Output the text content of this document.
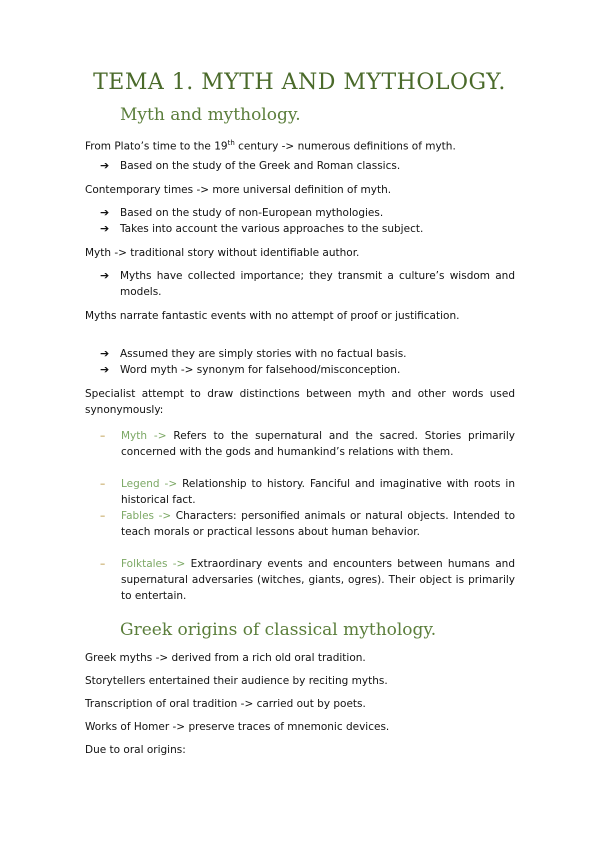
TEMA 1. MYTH AND MYTHOLOGY.
Myth and mythology.

From Plato’s time to the 19th century -> numerous definitions of myth.

➔	Based on the study of the Greek and Roman classics.

Contemporary times -> more universal definition of myth.

➔	Based on the study of non-European mythologies.
➔	Takes into account the various approaches to the subject.

Myth -> traditional story without identifiable author.

➔	Myths have collected importance; they transmit a culture’s wisdom and models.

Myths narrate fantastic events with no attempt of proof or justification.

➔	Assumed they are simply stories with no factual basis.
➔	Word myth -> synonym for falsehood/misconception.

Specialist attempt to draw distinctions between myth and other words used synonymously:

–	Myth -> Refers to the supernatural and the sacred. Stories primarily concerned with the gods and humankind’s relations with them.
–	Legend -> Relationship to history. Fanciful and imaginative with roots in historical fact.
–	Fables -> Characters: personified animals or natural objects. Intended to teach morals or practical lessons about human behavior.
–	Folktales -> Extraordinary events and encounters between humans and supernatural adversaries (witches, giants, ogres). Their object is primarily to entertain.
Greek origins of classical mythology.

Greek myths -> derived from a rich old oral tradition.

Storytellers entertained their audience by reciting myths.

Transcription of oral tradition -> carried out by poets.

Works of Homer -> preserve traces of mnemonic devices.

Due to oral origins:
